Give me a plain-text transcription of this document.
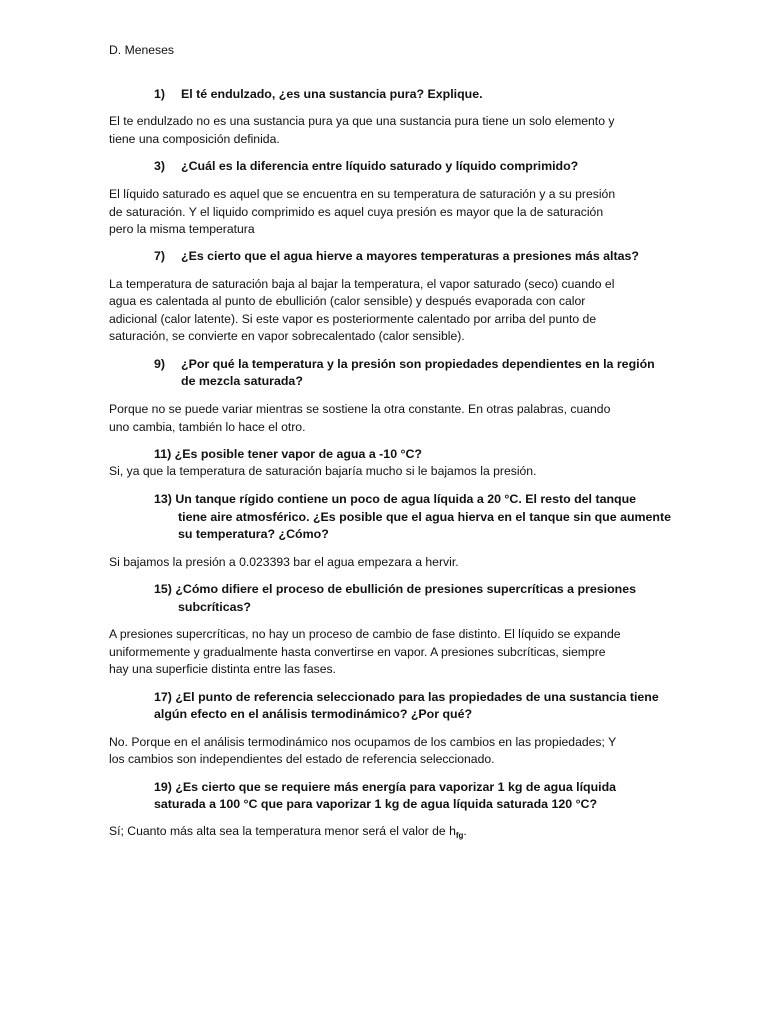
D. Meneses
1) El té endulzado, ¿es una sustancia pura? Explique.
El te endulzado no es una sustancia pura ya que una sustancia pura tiene un solo elemento y
tiene una composición definida.
3) ¿Cuál es la diferencia entre líquido saturado y líquido comprimido?
El líquido saturado es aquel que se encuentra en su temperatura de saturación y a su presión
de saturación. Y el liquido comprimido es aquel cuya presión es mayor que la de saturación
pero la misma temperatura
7) ¿Es cierto que el agua hierve a mayores temperaturas a presiones más altas?
La temperatura de saturación baja al bajar la temperatura, el vapor saturado (seco) cuando el
agua es calentada al punto de ebullición (calor sensible) y después evaporada con calor
adicional (calor latente). Si este vapor es posteriormente calentado por arriba del punto de
saturación, se convierte en vapor sobrecalentado (calor sensible).
9) ¿Por qué la temperatura y la presión son propiedades dependientes en la región
de mezcla saturada?
Porque no se puede variar mientras se sostiene la otra constante. En otras palabras, cuando
uno cambia, también lo hace el otro.
11) ¿Es posible tener vapor de agua a -10 °C?
Si, ya que la temperatura de saturación bajaría mucho si le bajamos la presión.
13) Un tanque rígido contiene un poco de agua líquida a 20 °C. El resto del tanque
tiene aire atmosférico. ¿Es posible que el agua hierva en el tanque sin que aumente
su temperatura? ¿Cómo?
Si bajamos la presión a 0.023393 bar el agua empezara a hervir.
15) ¿Cómo difiere el proceso de ebullición de presiones supercríticas a presiones
subcríticas?
A presiones supercríticas, no hay un proceso de cambio de fase distinto. El líquido se expande
uniformemente y gradualmente hasta convertirse en vapor. A presiones subcríticas, siempre
hay una superficie distinta entre las fases.
17) ¿El punto de referencia seleccionado para las propiedades de una sustancia tiene
algún efecto en el análisis termodinámico? ¿Por qué?
No. Porque en el análisis termodinámico nos ocupamos de los cambios en las propiedades; Y
los cambios son independientes del estado de referencia seleccionado.
19) ¿Es cierto que se requiere más energía para vaporizar 1 kg de agua líquida
saturada a 100 °C que para vaporizar 1 kg de agua líquida saturada 120 °C?
Sí; Cuanto más alta sea la temperatura menor será el valor de $h_{fg}$.
